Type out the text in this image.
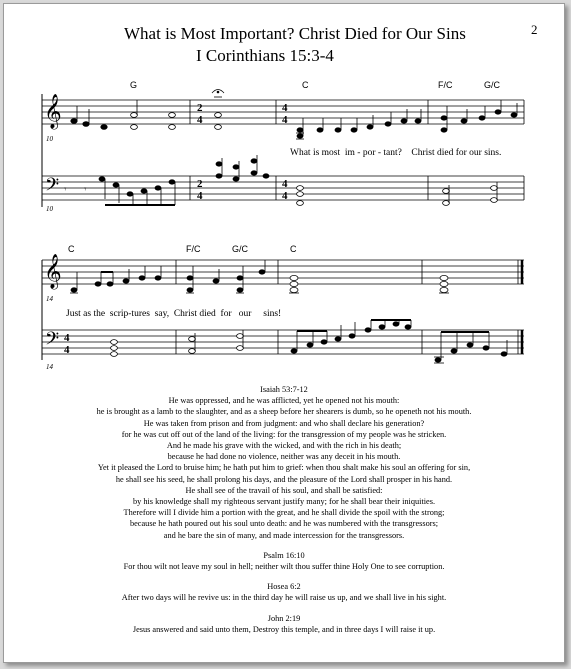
What is Most Important? Christ Died for Our Sins
I Corinthians 15:3-4
2
𝄞
𝄢
2
4
2
4
4
4
4
4
𝄾 𝄾
10
10
G	C	F/C	G/C
What is most  im - por - tant?    Christ died for our sins.
𝄞
𝄢 4
4
14
14
C	F/C	G/C	C
Just as the  scrip-tures  say,  Christ died  for   our     sins!
Isaiah 53:7-12
He was oppressed, and he was afflicted, yet he opened not his mouth:
he is brought as a lamb to the slaughter, and as a sheep before her shearers is dumb, so he openeth not his mouth.
He was taken from prison and from judgment: and who shall declare his generation?
for he was cut off out of the land of the living: for the transgression of my people was he stricken.
And he made his grave with the wicked, and with the rich in his death;
because he had done no violence, neither was any deceit in his mouth.
Yet it pleased the Lord to bruise him; he hath put him to grief: when thou shalt make his soul an offering for sin,
he shall see his seed, he shall prolong his days, and the pleasure of the Lord shall prosper in his hand.
He shall see of the travail of his soul, and shall be satisfied:
by his knowledge shall my righteous servant justify many; for he shall bear their iniquities.
Therefore will I divide him a portion with the great, and he shall divide the spoil with the strong;
because he hath poured out his soul unto death: and he was numbered with the transgressors;
and he bare the sin of many, and made intercession for the transgressors.
Psalm 16:10
For thou wilt not leave my soul in hell; neither wilt thou suffer thine Holy One to see corruption.
Hosea 6:2
After two days will he revive us: in the third day he will raise us up, and we shall live in his sight.
John 2:19
Jesus answered and said unto them, Destroy this temple, and in three days I will raise it up.
